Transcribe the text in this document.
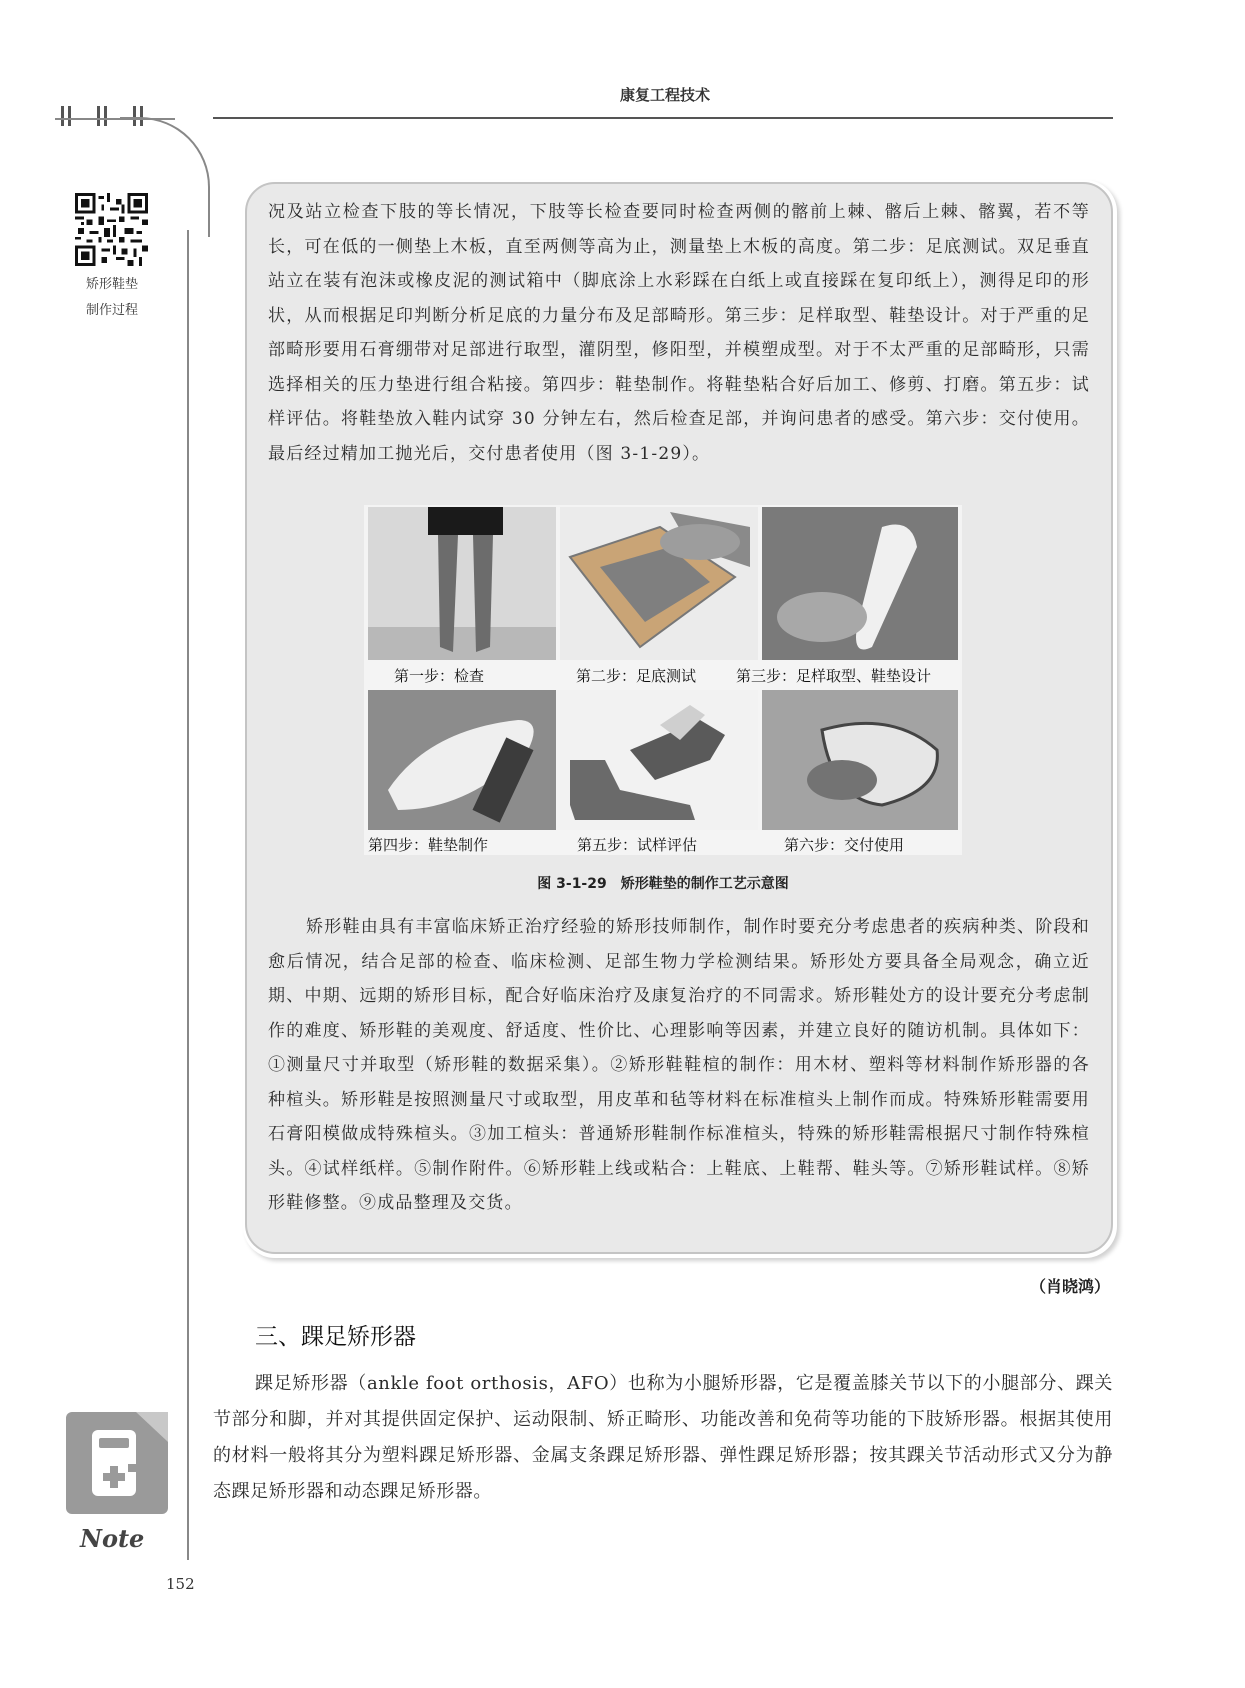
康复工程技术
矫形鞋垫
制作过程
况及站立检查下肢的等长情况，下肢等长检查要同时检查两侧的髂前上棘、髂后上棘、髂翼，若不等长，可在低的一侧垫上木板，直至两侧等高为止，测量垫上木板的高度。第二步：足底测试。双足垂直站立在装有泡沫或橡皮泥的测试箱中（脚底涂上水彩踩在白纸上或直接踩在复印纸上），测得足印的形状，从而根据足印判断分析足底的力量分布及足部畸形。第三步：足样取型、鞋垫设计。对于严重的足部畸形要用石膏绷带对足部进行取型，灌阴型，修阳型，并模塑成型。对于不太严重的足部畸形，只需选择相关的压力垫进行组合粘接。第四步：鞋垫制作。将鞋垫粘合好后加工、修剪、打磨。第五步：试样评估。将鞋垫放入鞋内试穿 30 分钟左右，然后检查足部，并询问患者的感受。第六步：交付使用。最后经过精加工抛光后，交付患者使用（图 3-1-29）。
第一步：检查	第二步：足底测试	第三步：足样取型、鞋垫设计
第四步：鞋垫制作	第五步：试样评估	第六步：交付使用
图 3-1-29　矫形鞋垫的制作工艺示意图
矫形鞋由具有丰富临床矫正治疗经验的矫形技师制作，制作时要充分考虑患者的疾病种类、阶段和愈后情况，结合足部的检查、临床检测、足部生物力学检测结果。矫形处方要具备全局观念，确立近期、中期、远期的矫形目标，配合好临床治疗及康复治疗的不同需求。矫形鞋处方的设计要充分考虑制作的难度、矫形鞋的美观度、舒适度、性价比、心理影响等因素，并建立良好的随访机制。具体如下：①测量尺寸并取型（矫形鞋的数据采集）。②矫形鞋鞋楦的制作：用木材、塑料等材料制作矫形器的各种楦头。矫形鞋是按照测量尺寸或取型，用皮革和毡等材料在标准楦头上制作而成。特殊矫形鞋需要用石膏阳模做成特殊楦头。③加工楦头：普通矫形鞋制作标准楦头，特殊的矫形鞋需根据尺寸制作特殊楦头。④试样纸样。⑤制作附件。⑥矫形鞋上线或粘合：上鞋底、上鞋帮、鞋头等。⑦矫形鞋试样。⑧矫形鞋修整。⑨成品整理及交货。
（肖晓鸿）
三、踝足矫形器
踝足矫形器（ankle foot orthosis，AFO）也称为小腿矫形器，它是覆盖膝关节以下的小腿部分、踝关节部分和脚，并对其提供固定保护、运动限制、矫正畸形、功能改善和免荷等功能的下肢矫形器。根据其使用的材料一般将其分为塑料踝足矫形器、金属支条踝足矫形器、弹性踝足矫形器；按其踝关节活动形式又分为静态踝足矫形器和动态踝足矫形器。
Note
152
